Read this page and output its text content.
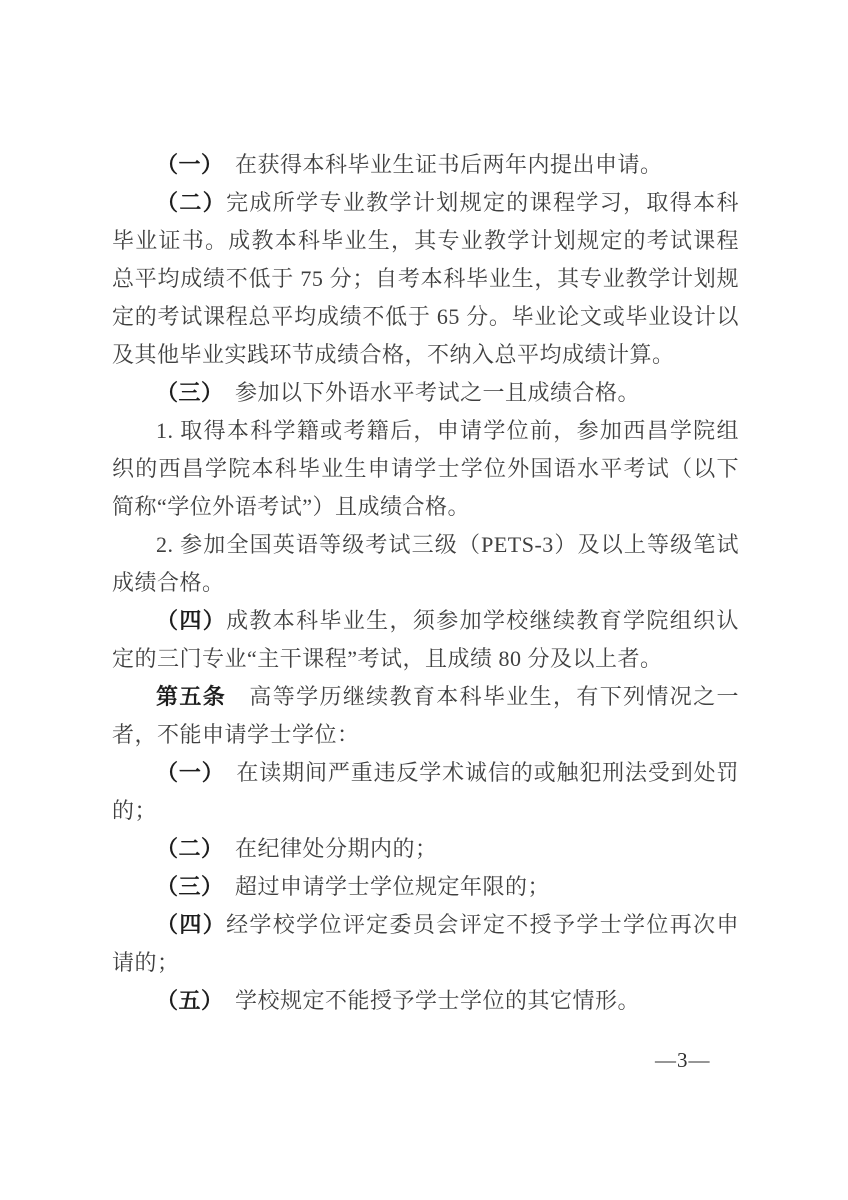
（一）　在获得本科毕业生证书后两年内提出申请。

（二）完成所学专业教学计划规定的课程学习，取得本科毕业证书。成教本科毕业生，其专业教学计划规定的考试课程总平均成绩不低于 75 分；自考本科毕业生，其专业教学计划规定的考试课程总平均成绩不低于 65 分。毕业论文或毕业设计以及其他毕业实践环节成绩合格，不纳入总平均成绩计算。

（三）　参加以下外语水平考试之一且成绩合格。

1. 取得本科学籍或考籍后，申请学位前，参加西昌学院组织的西昌学院本科毕业生申请学士学位外国语水平考试（以下简称“学位外语考试”）且成绩合格。

2. 参加全国英语等级考试三级（PETS-3）及以上等级笔试成绩合格。

（四）成教本科毕业生，须参加学校继续教育学院组织认定的三门专业“主干课程”考试，且成绩 80 分及以上者。

第五条　高等学历继续教育本科毕业生，有下列情况之一者，不能申请学士学位：

（一）　在读期间严重违反学术诚信的或触犯刑法受到处罚的；

（二）　在纪律处分期内的；

（三）　超过申请学士学位规定年限的；

（四）经学校学位评定委员会评定不授予学士学位再次申请的；

（五）　学校规定不能授予学士学位的其它情形。

—3—
